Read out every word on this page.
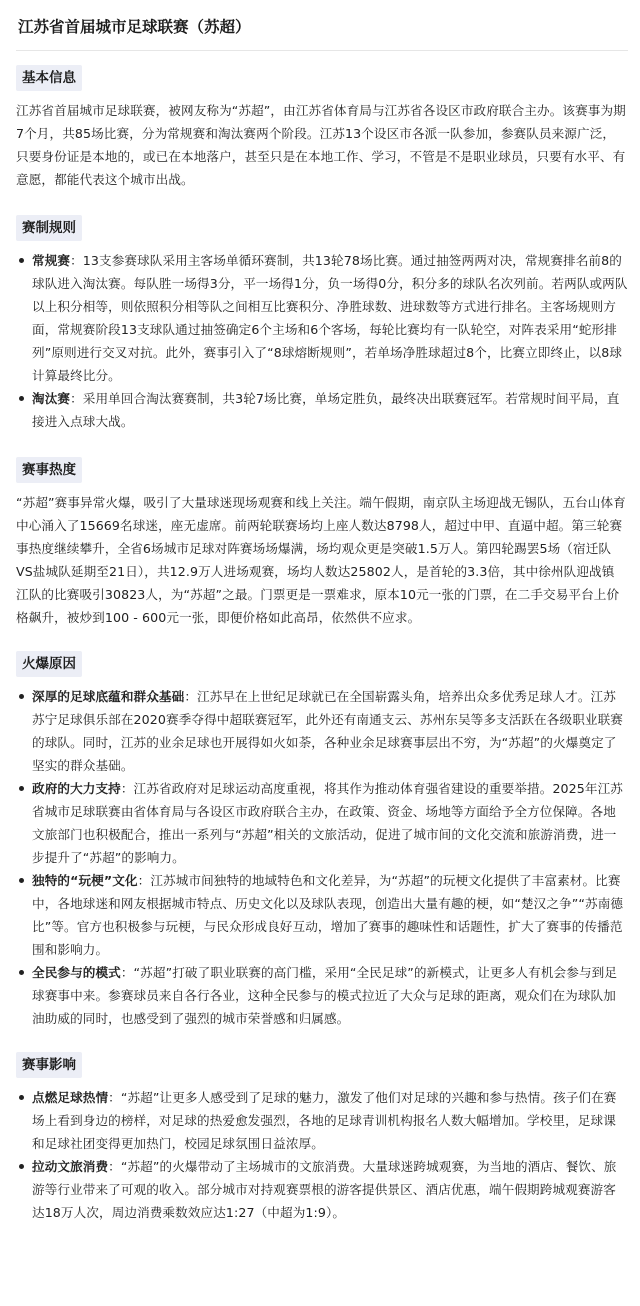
江苏省首届城市足球联赛（苏超）
基本信息

江苏省首届城市足球联赛，被网友称为“苏超”，由江苏省体育局与江苏省各设区市政府联合主办。该赛事为期7个月，共85场比赛，分为常规赛和淘汰赛两个阶段。江苏13个设区市各派一队参加，参赛队员来源广泛，只要身份证是本地的，或已在本地落户，甚至只是在本地工作、学习，不管是不是职业球员，只要有水平、有意愿，都能代表这个城市出战。

赛制规则
常规赛：13支参赛球队采用主客场单循环赛制，共13轮78场比赛。通过抽签两两对决，常规赛排名前8的球队进入淘汰赛。每队胜一场得3分，平一场得1分，负一场得0分，积分多的球队名次列前。若两队或两队以上积分相等，则依照积分相等队之间相互比赛积分、净胜球数、进球数等方式进行排名。主客场规则方面，常规赛阶段13支球队通过抽签确定6个主场和6个客场，每轮比赛均有一队轮空，对阵表采用“蛇形排列”原则进行交叉对抗。此外，赛事引入了“8球熔断规则”，若单场净胜球超过8个，比赛立即终止，以8球计算最终比分。
淘汰赛：采用单回合淘汰赛赛制，共3轮7场比赛，单场定胜负，最终决出联赛冠军。若常规时间平局，直接进入点球大战。
赛事热度

“苏超”赛事异常火爆，吸引了大量球迷现场观赛和线上关注。端午假期，南京队主场迎战无锡队，五台山体育中心涌入了15669名球迷，座无虚席。前两轮联赛场均上座人数达8798人，超过中甲、直逼中超。第三轮赛事热度继续攀升，全省6场城市足球对阵赛场场爆满，场均观众更是突破1.5万人。第四轮踢罢5场（宿迁队VS盐城队延期至21日），共12.9万人进场观赛，场均人数达25802人，是首轮的3.3倍，其中徐州队迎战镇江队的比赛吸引30823人，为“苏超”之最。门票更是一票难求，原本10元一张的门票，在二手交易平台上价格飙升，被炒到100 - 600元一张，即便价格如此高昂，依然供不应求。

火爆原因
深厚的足球底蕴和群众基础：江苏早在上世纪足球就已在全国崭露头角，培养出众多优秀足球人才。江苏苏宁足球俱乐部在2020赛季夺得中超联赛冠军，此外还有南通支云、苏州东吴等多支活跃在各级职业联赛的球队。同时，江苏的业余足球也开展得如火如荼，各种业余足球赛事层出不穷，为“苏超”的火爆奠定了坚实的群众基础。
政府的大力支持：江苏省政府对足球运动高度重视，将其作为推动体育强省建设的重要举措。2025年江苏省城市足球联赛由省体育局与各设区市政府联合主办，在政策、资金、场地等方面给予全方位保障。各地文旅部门也积极配合，推出一系列与“苏超”相关的文旅活动，促进了城市间的文化交流和旅游消费，进一步提升了“苏超”的影响力。
独特的“玩梗”文化：江苏城市间独特的地域特色和文化差异，为“苏超”的玩梗文化提供了丰富素材。比赛中，各地球迷和网友根据城市特点、历史文化以及球队表现，创造出大量有趣的梗，如“楚汉之争”“苏南德比”等。官方也积极参与玩梗，与民众形成良好互动，增加了赛事的趣味性和话题性，扩大了赛事的传播范围和影响力。
全民参与的模式：“苏超”打破了职业联赛的高门槛，采用“全民足球”的新模式，让更多人有机会参与到足球赛事中来。参赛球员来自各行各业，这种全民参与的模式拉近了大众与足球的距离，观众们在为球队加油助威的同时，也感受到了强烈的城市荣誉感和归属感。
赛事影响
点燃足球热情：“苏超”让更多人感受到了足球的魅力，激发了他们对足球的兴趣和参与热情。孩子们在赛场上看到身边的榜样，对足球的热爱愈发强烈，各地的足球青训机构报名人数大幅增加。学校里，足球课和足球社团变得更加热门，校园足球氛围日益浓厚。
拉动文旅消费：“苏超”的火爆带动了主场城市的文旅消费。大量球迷跨城观赛，为当地的酒店、餐饮、旅游等行业带来了可观的收入。部分城市对持观赛票根的游客提供景区、酒店优惠，端午假期跨城观赛游客达18万人次，周边消费乘数效应达1:27（中超为1:9）。
